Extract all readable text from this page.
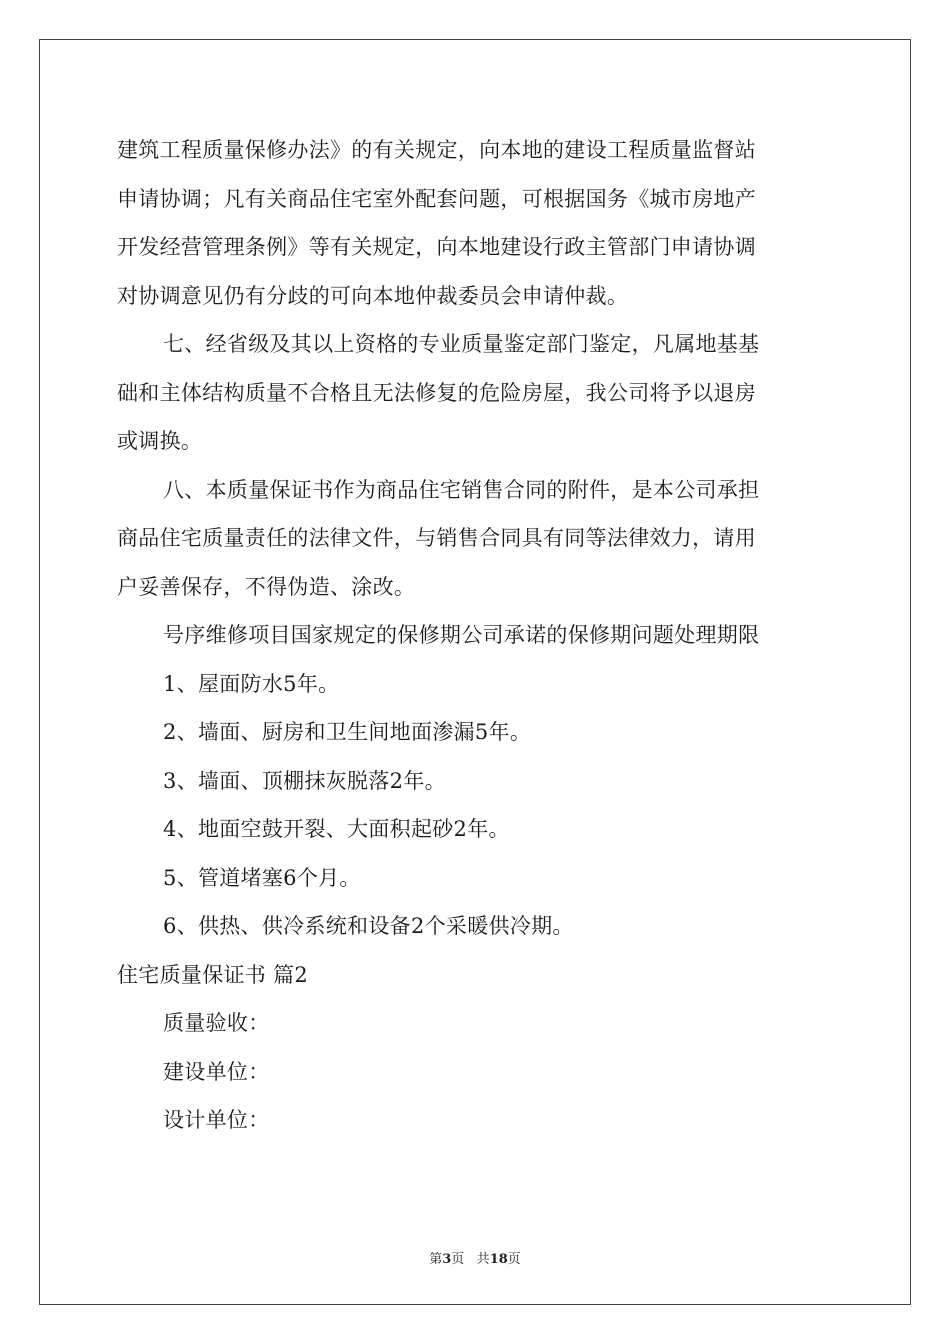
建筑工程质量保修办法》的有关规定，向本地的建设工程质量监督站
申请协调；凡有关商品住宅室外配套问题，可根据国务《城市房地产
开发经营管理条例》等有关规定，向本地建设行政主管部门申请协调
对协调意见仍有分歧的可向本地仲裁委员会申请仲裁。
七、经省级及其以上资格的专业质量鉴定部门鉴定，凡属地基基
础和主体结构质量不合格且无法修复的危险房屋，我公司将予以退房
或调换。
八、本质量保证书作为商品住宅销售合同的附件，是本公司承担
商品住宅质量责任的法律文件，与销售合同具有同等法律效力，请用
户妥善保存，不得伪造、涂改。
号序维修项目国家规定的保修期公司承诺的保修期问题处理期限
1、屋面防水5年。
2、墙面、厨房和卫生间地面渗漏5年。
3、墙面、顶棚抹灰脱落2年。
4、地面空鼓开裂、大面积起砂2年。
5、管道堵塞6个月。
6、供热、供冷系统和设备2个采暖供冷期。
住宅质量保证书 篇2
质量验收：
建设单位：
设计单位：
第3页 共18页
